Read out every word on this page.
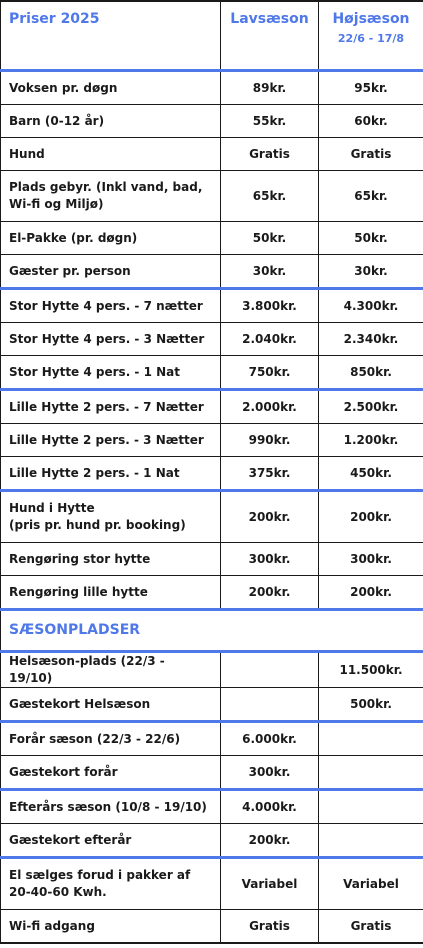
Priser 2025	Lavsæson	Højsæson
22/6 - 17/8

Voksen pr. døgn	89kr.	95kr.
Barn (0-12 år)	55kr.	60kr.
Hund	Gratis	Gratis
Plads gebyr. (Inkl vand, bad,
Wi-fi og Miljø)	65kr.	65kr.
El-Pakke (pr. døgn)	50kr.	50kr.
Gæster pr. person	30kr.	30kr.
Stor Hytte 4 pers. - 7 nætter	3.800kr.	4.300kr.
Stor Hytte 4 pers. - 3 Nætter	2.040kr.	2.340kr.
Stor Hytte 4 pers. - 1 Nat	750kr.	850kr.
Lille Hytte 2 pers. - 7 Nætter	2.000kr.	2.500kr.
Lille Hytte 2 pers. - 3 Nætter	990kr.	1.200kr.
Lille Hytte 2 pers. - 1 Nat	375kr.	450kr.
Hund i Hytte
(pris pr. hund pr. booking)	200kr.	200kr.
Rengøring stor hytte	300kr.	300kr.
Rengøring lille hytte	200kr.	200kr.
SÆSONPLADSER		
Helsæson-plads (22/3 - 19/10)		11.500kr.
Gæstekort Helsæson		500kr.
Forår sæson (22/3 - 22/6)	6.000kr.	
Gæstekort forår	300kr.	
Efterårs sæson (10/8 - 19/10)	4.000kr.	
Gæstekort efterår	200kr.	
El sælges forud i pakker af
20-40-60 Kwh.	Variabel	Variabel
Wi-fi adgang	Gratis	Gratis
